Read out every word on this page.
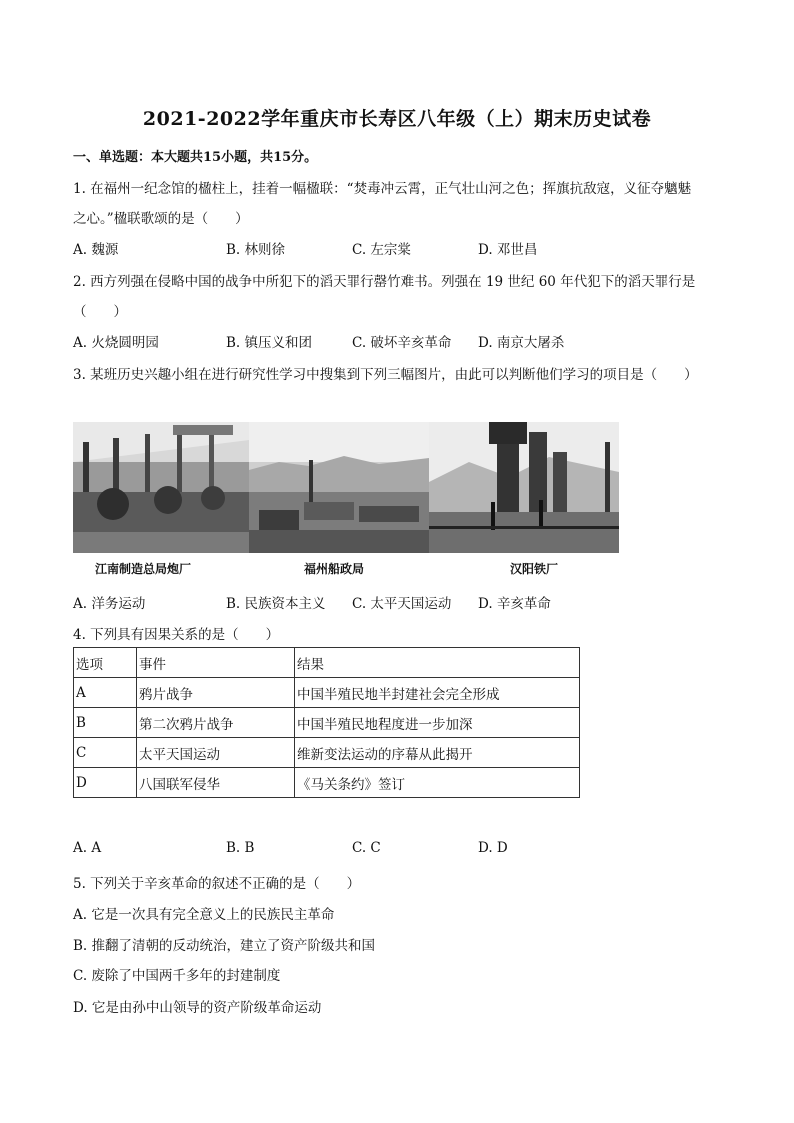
2021-2022学年重庆市长寿区八年级（上）期末历史试卷
一、单选题：本大题共15小题，共15分。
1. 在福州一纪念馆的楹柱上，挂着一幅楹联：“焚毒冲云霄，正气壮山河之色；挥旗抗敌寇，义征夺魑魅
之心。”楹联歌颂的是（　　）
A. 魏源	B. 林则徐	C. 左宗棠	D. 邓世昌
2. 西方列强在侵略中国的战争中所犯下的滔天罪行罄竹难书。列强在 19 世纪 60 年代犯下的滔天罪行是
（　　）
A. 火烧圆明园	B. 镇压义和团	C. 破坏辛亥革命 D. 南京大屠杀
3. 某班历史兴趣小组在进行研究性学习中搜集到下列三幅图片，由此可以判断他们学习的项目是（　　）
江南制造总局炮厂	福州船政局	汉阳铁厂
A. 洋务运动	B. 民族资本主义 C. 太平天国运动 D. 辛亥革命
4. 下列具有因果关系的是（　　）
选项	事件	结果
A	鸦片战争	中国半殖民地半封建社会完全形成
B	第二次鸦片战争	中国半殖民地程度进一步加深
C	太平天国运动	维新变法运动的序幕从此揭开
D	八国联军侵华	《马关条约》签订
A. A	B. B	C. C	D. D
5. 下列关于辛亥革命的叙述不正确的是（　　）
A. 它是一次具有完全意义上的民族民主革命
B. 推翻了清朝的反动统治，建立了资产阶级共和国
C. 废除了中国两千多年的封建制度
D. 它是由孙中山领导的资产阶级革命运动
